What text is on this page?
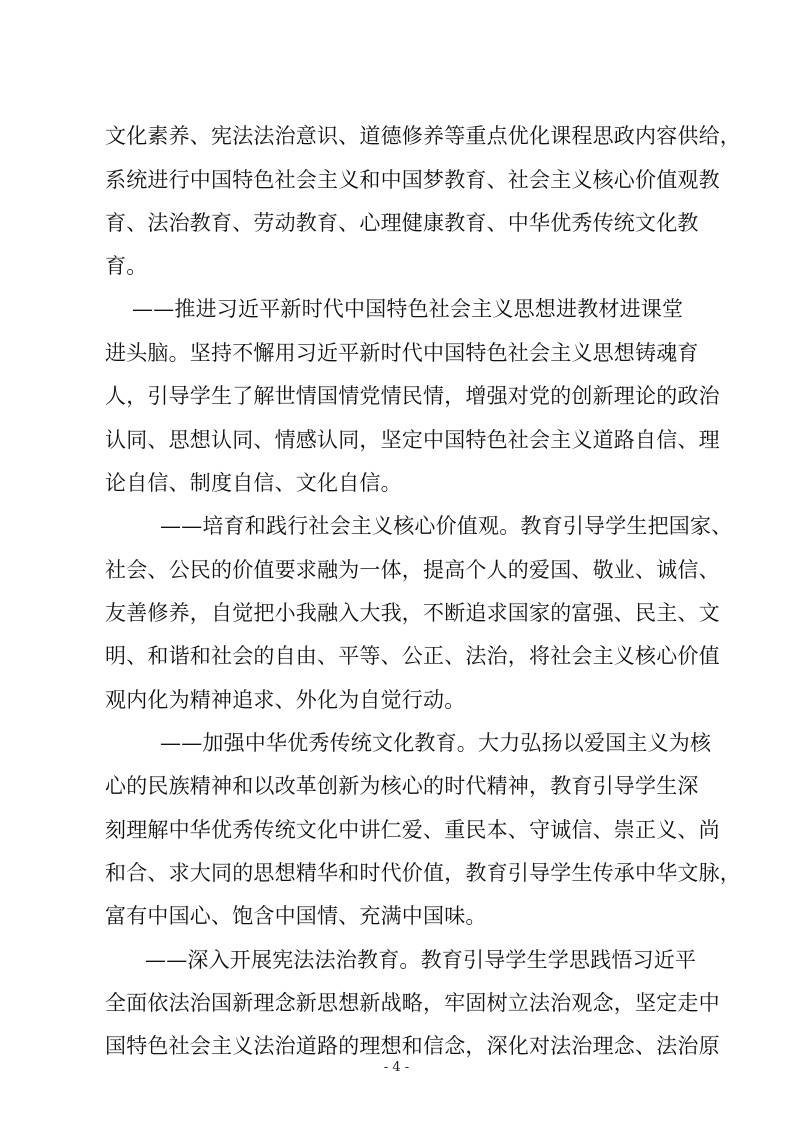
文化素养、宪法法治意识、道德修养等重点优化课程思政内容供给，
系统进行中国特色社会主义和中国梦教育、社会主义核心价值观教
育、法治教育、劳动教育、心理健康教育、中华优秀传统文化教
育。
——推进习近平新时代中国特色社会主义思想进教材进课堂
进头脑。坚持不懈用习近平新时代中国特色社会主义思想铸魂育
人，引导学生了解世情国情党情民情，增强对党的创新理论的政治
认同、思想认同、情感认同，坚定中国特色社会主义道路自信、理
论自信、制度自信、文化自信。
——培育和践行社会主义核心价值观。教育引导学生把国家、
社会、公民的价值要求融为一体，提高个人的爱国、敬业、诚信、
友善修养，自觉把小我融入大我，不断追求国家的富强、民主、文
明、和谐和社会的自由、平等、公正、法治，将社会主义核心价值
观内化为精神追求、外化为自觉行动。
——加强中华优秀传统文化教育。大力弘扬以爱国主义为核
心的民族精神和以改革创新为核心的时代精神，教育引导学生深
刻理解中华优秀传统文化中讲仁爱、重民本、守诚信、崇正义、尚
和合、求大同的思想精华和时代价值，教育引导学生传承中华文脉，
富有中国心、饱含中国情、充满中国味。
——深入开展宪法法治教育。教育引导学生学思践悟习近平
全面依法治国新理念新思想新战略，牢固树立法治观念，坚定走中
国特色社会主义法治道路的理想和信念，深化对法治理念、法治原
- 4 -
